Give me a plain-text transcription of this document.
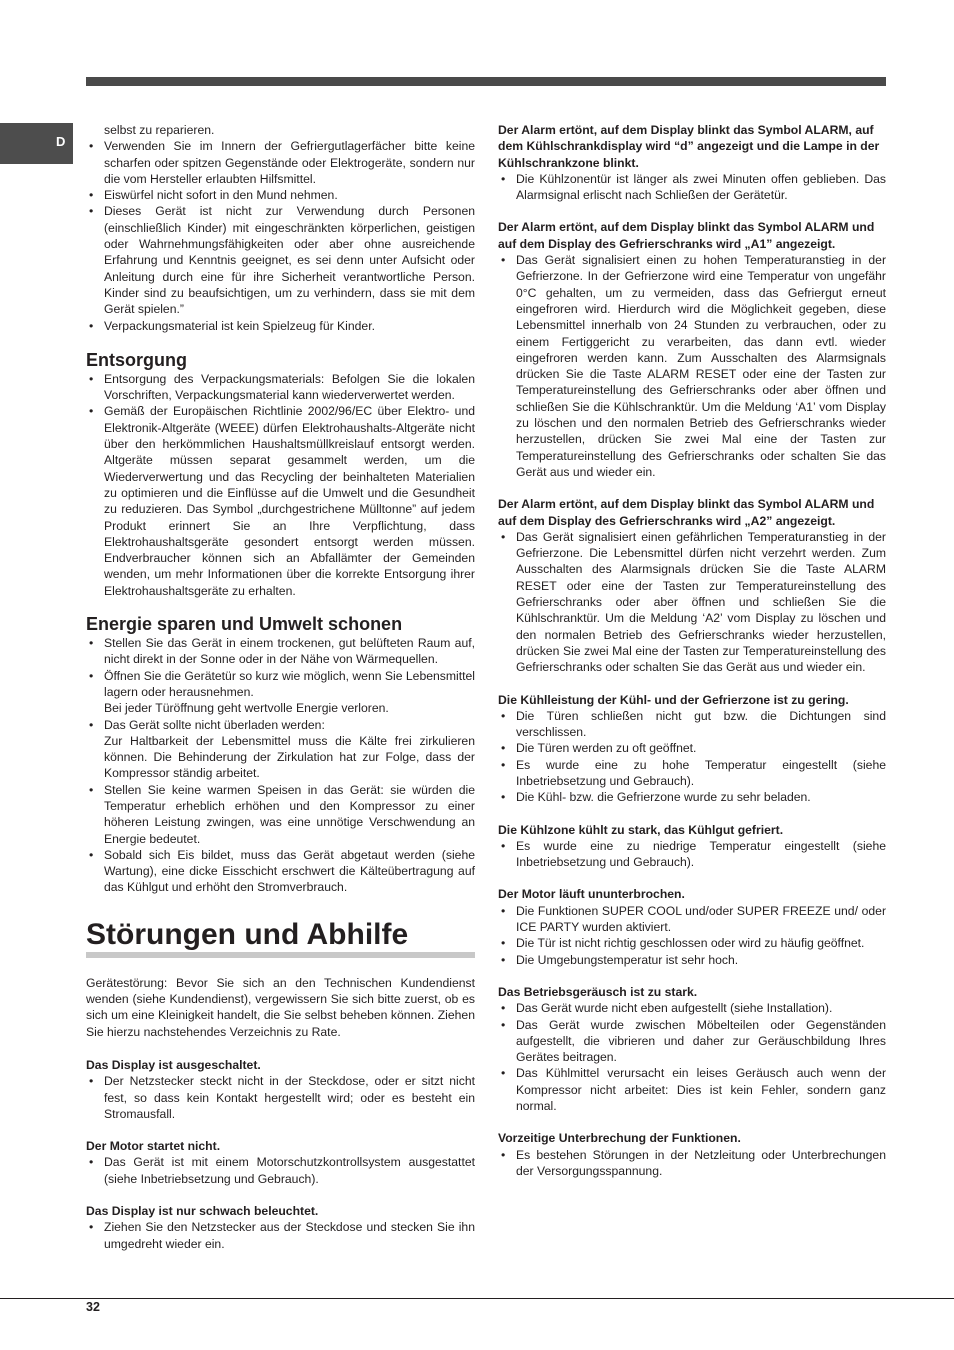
D
selbst zu reparieren.
• Verwenden Sie im Innern der Gefriergutlagerfächer bitte keine scharfen oder spitzen Gegenstände oder Elektrogeräte, sondern nur die vom Hersteller erlaubten Hilfsmittel.
• Eiswürfel nicht sofort in den Mund nehmen.
• Dieses Gerät ist nicht zur Verwendung durch Personen (einschließlich Kinder) mit eingeschränkten körperlichen, geistigen oder Wahrnehmungsfähigkeiten oder aber ohne ausreichende Erfahrung und Kenntnis geeignet, es sei denn unter Aufsicht oder Anleitung durch eine für ihre Sicherheit verantwortliche Person. Kinder sind zu beaufsichtigen, um zu verhindern, dass sie mit dem Gerät spielen.”
• Verpackungsmaterial ist kein Spielzeug für Kinder.
Entsorgung
• Entsorgung des Verpackungsmaterials: Befolgen Sie die lokalen Vorschriften, Verpackungsmaterial kann wiederverwertet werden.
• Gemäß der Europäischen Richtlinie 2002/96/EC über Elektro- und Elektronik-Altgeräte (WEEE) dürfen Elektrohaushalts-Altgeräte nicht über den herkömmlichen Haushaltsmüllkreislauf entsorgt werden. Altgeräte müssen separat gesammelt werden, um die Wiederverwertung und das Recycling der beinhalteten Materialien zu optimieren und die Einflüsse auf die Umwelt und die Gesundheit zu reduzieren. Das Symbol „durchgestrichene Mülltonne” auf jedem Produkt erinnert Sie an Ihre Verpflichtung, dass Elektrohaushaltsgeräte gesondert entsorgt werden müssen. Endverbraucher können sich an Abfallämter der Gemeinden wenden, um mehr Informationen über die korrekte Entsorgung ihrer Elektrohaushaltsgeräte zu erhalten.
Energie sparen und Umwelt schonen
• Stellen Sie das Gerät in einem trockenen, gut belüfteten Raum auf, nicht direkt in der Sonne oder in der Nähe von Wärmequellen.
• Öffnen Sie die Gerätetür so kurz wie möglich, wenn Sie Lebensmittel lagern oder herausnehmen.
Bei jeder Türöffnung geht wertvolle Energie verloren.
• Das Gerät sollte nicht überladen werden:
Zur Haltbarkeit der Lebensmittel muss die Kälte frei zirkulieren können. Die Behinderung der Zirkulation hat zur Folge, dass der Kompressor ständig arbeitet.
• Stellen Sie keine warmen Speisen in das Gerät: sie würden die Temperatur erheblich erhöhen und den Kompressor zu einer höheren Leistung zwingen, was eine unnötige Verschwendung an Energie bedeutet.
• Sobald sich Eis bildet, muss das Gerät abgetaut werden (siehe Wartung), eine dicke Eisschicht erschwert die Kälteübertragung auf das Kühlgut und erhöht den Stromverbrauch.
Störungen und Abhilfe
Gerätestörung: Bevor Sie sich an den Technischen Kundendienst wenden (siehe Kundendienst), vergewissern Sie sich bitte zuerst, ob es sich um eine Kleinigkeit handelt, die Sie selbst beheben können. Ziehen Sie hierzu nachstehendes Verzeichnis zu Rate.
Das Display ist ausgeschaltet.
• Der Netzstecker steckt nicht in der Steckdose, oder er sitzt nicht fest, so dass kein Kontakt hergestellt wird; oder es besteht ein Stromausfall.
Der Motor startet nicht.
• Das Gerät ist mit einem Motorschutzkontrollsystem ausgestattet (siehe Inbetriebsetzung und Gebrauch).
Das Display ist nur schwach beleuchtet.
• Ziehen Sie den Netzstecker aus der Steckdose und stecken Sie ihn umgedreht wieder ein.
Der Alarm ertönt, auf dem Display blinkt das Symbol ALARM, auf dem Kühlschrankdisplay wird “d” angezeigt und die Lampe in der Kühlschrankzone blinkt.
• Die Kühlzonentür ist länger als zwei Minuten offen geblieben. Das Alarmsignal erlischt nach Schließen der Gerätetür.
Der Alarm ertönt, auf dem Display blinkt das Symbol ALARM und auf dem Display des Gefrierschranks wird „A1” angezeigt.
• Das Gerät signalisiert einen zu hohen Temperaturanstieg in der Gefrierzone. In der Gefrierzone wird eine Temperatur von ungefähr 0°C gehalten, um zu vermeiden, dass das Gefriergut erneut eingefroren wird. Hierdurch wird die Möglichkeit gegeben, diese Lebensmittel innerhalb von 24 Stunden zu verbrauchen, oder zu einem Fertiggericht zu verarbeiten, das dann evtl. wieder eingefroren werden kann. Zum Ausschalten des Alarmsignals drücken Sie die Taste ALARM RESET oder eine der Tasten zur Temperatureinstellung des Gefrierschranks oder aber öffnen und schließen Sie die Kühlschranktür. Um die Meldung ‘A1’ vom Display zu löschen und den normalen Betrieb des Gefrierschranks wieder herzustellen, drücken Sie zwei Mal eine der Tasten zur Temperatureinstellung des Gefrierschranks oder schalten Sie das Gerät aus und wieder ein.
Der Alarm ertönt, auf dem Display blinkt das Symbol ALARM und auf dem Display des Gefrierschranks wird „A2” angezeigt.
• Das Gerät signalisiert einen gefährlichen Temperaturanstieg in der Gefrierzone. Die Lebensmittel dürfen nicht verzehrt werden. Zum Ausschalten des Alarmsignals drücken Sie die Taste ALARM RESET oder eine der Tasten zur Temperatureinstellung des Gefrierschranks oder aber öffnen und schließen Sie die Kühlschranktür. Um die Meldung ‘A2’ vom Display zu löschen und den normalen Betrieb des Gefrierschranks wieder herzustellen, drücken Sie zwei Mal eine der Tasten zur Temperatureinstellung des Gefrierschranks oder schalten Sie das Gerät aus und wieder ein.
Die Kühlleistung der Kühl- und der Gefrierzone ist zu gering.
• Die Türen schließen nicht gut bzw. die Dichtungen sind verschlissen.
• Die Türen werden zu oft geöffnet.
• Es wurde eine zu hohe Temperatur eingestellt (siehe Inbetriebsetzung und Gebrauch).
• Die Kühl- bzw. die Gefrierzone wurde zu sehr beladen.
Die Kühlzone kühlt zu stark, das Kühlgut gefriert.
• Es wurde eine zu niedrige Temperatur eingestellt (siehe Inbetriebsetzung und Gebrauch).
Der Motor läuft ununterbrochen.
• Die Funktionen SUPER COOL und/oder SUPER FREEZE und/ oder ICE PARTY wurden aktiviert.
• Die Tür ist nicht richtig geschlossen oder wird zu häufig geöffnet.
• Die Umgebungstemperatur ist sehr hoch.
Das Betriebsgeräusch ist zu stark.
• Das Gerät wurde nicht eben aufgestellt (siehe Installation).
• Das Gerät wurde zwischen Möbelteilen oder Gegenständen aufgestellt, die vibrieren und daher zur Geräuschbildung Ihres Gerätes beitragen.
• Das Kühlmittel verursacht ein leises Geräusch auch wenn der Kompressor nicht arbeitet: Dies ist kein Fehler, sondern ganz normal.
Vorzeitige Unterbrechung der Funktionen.
• Es bestehen Störungen in der Netzleitung oder Unterbrechungen der Versorgungsspannung.
32
